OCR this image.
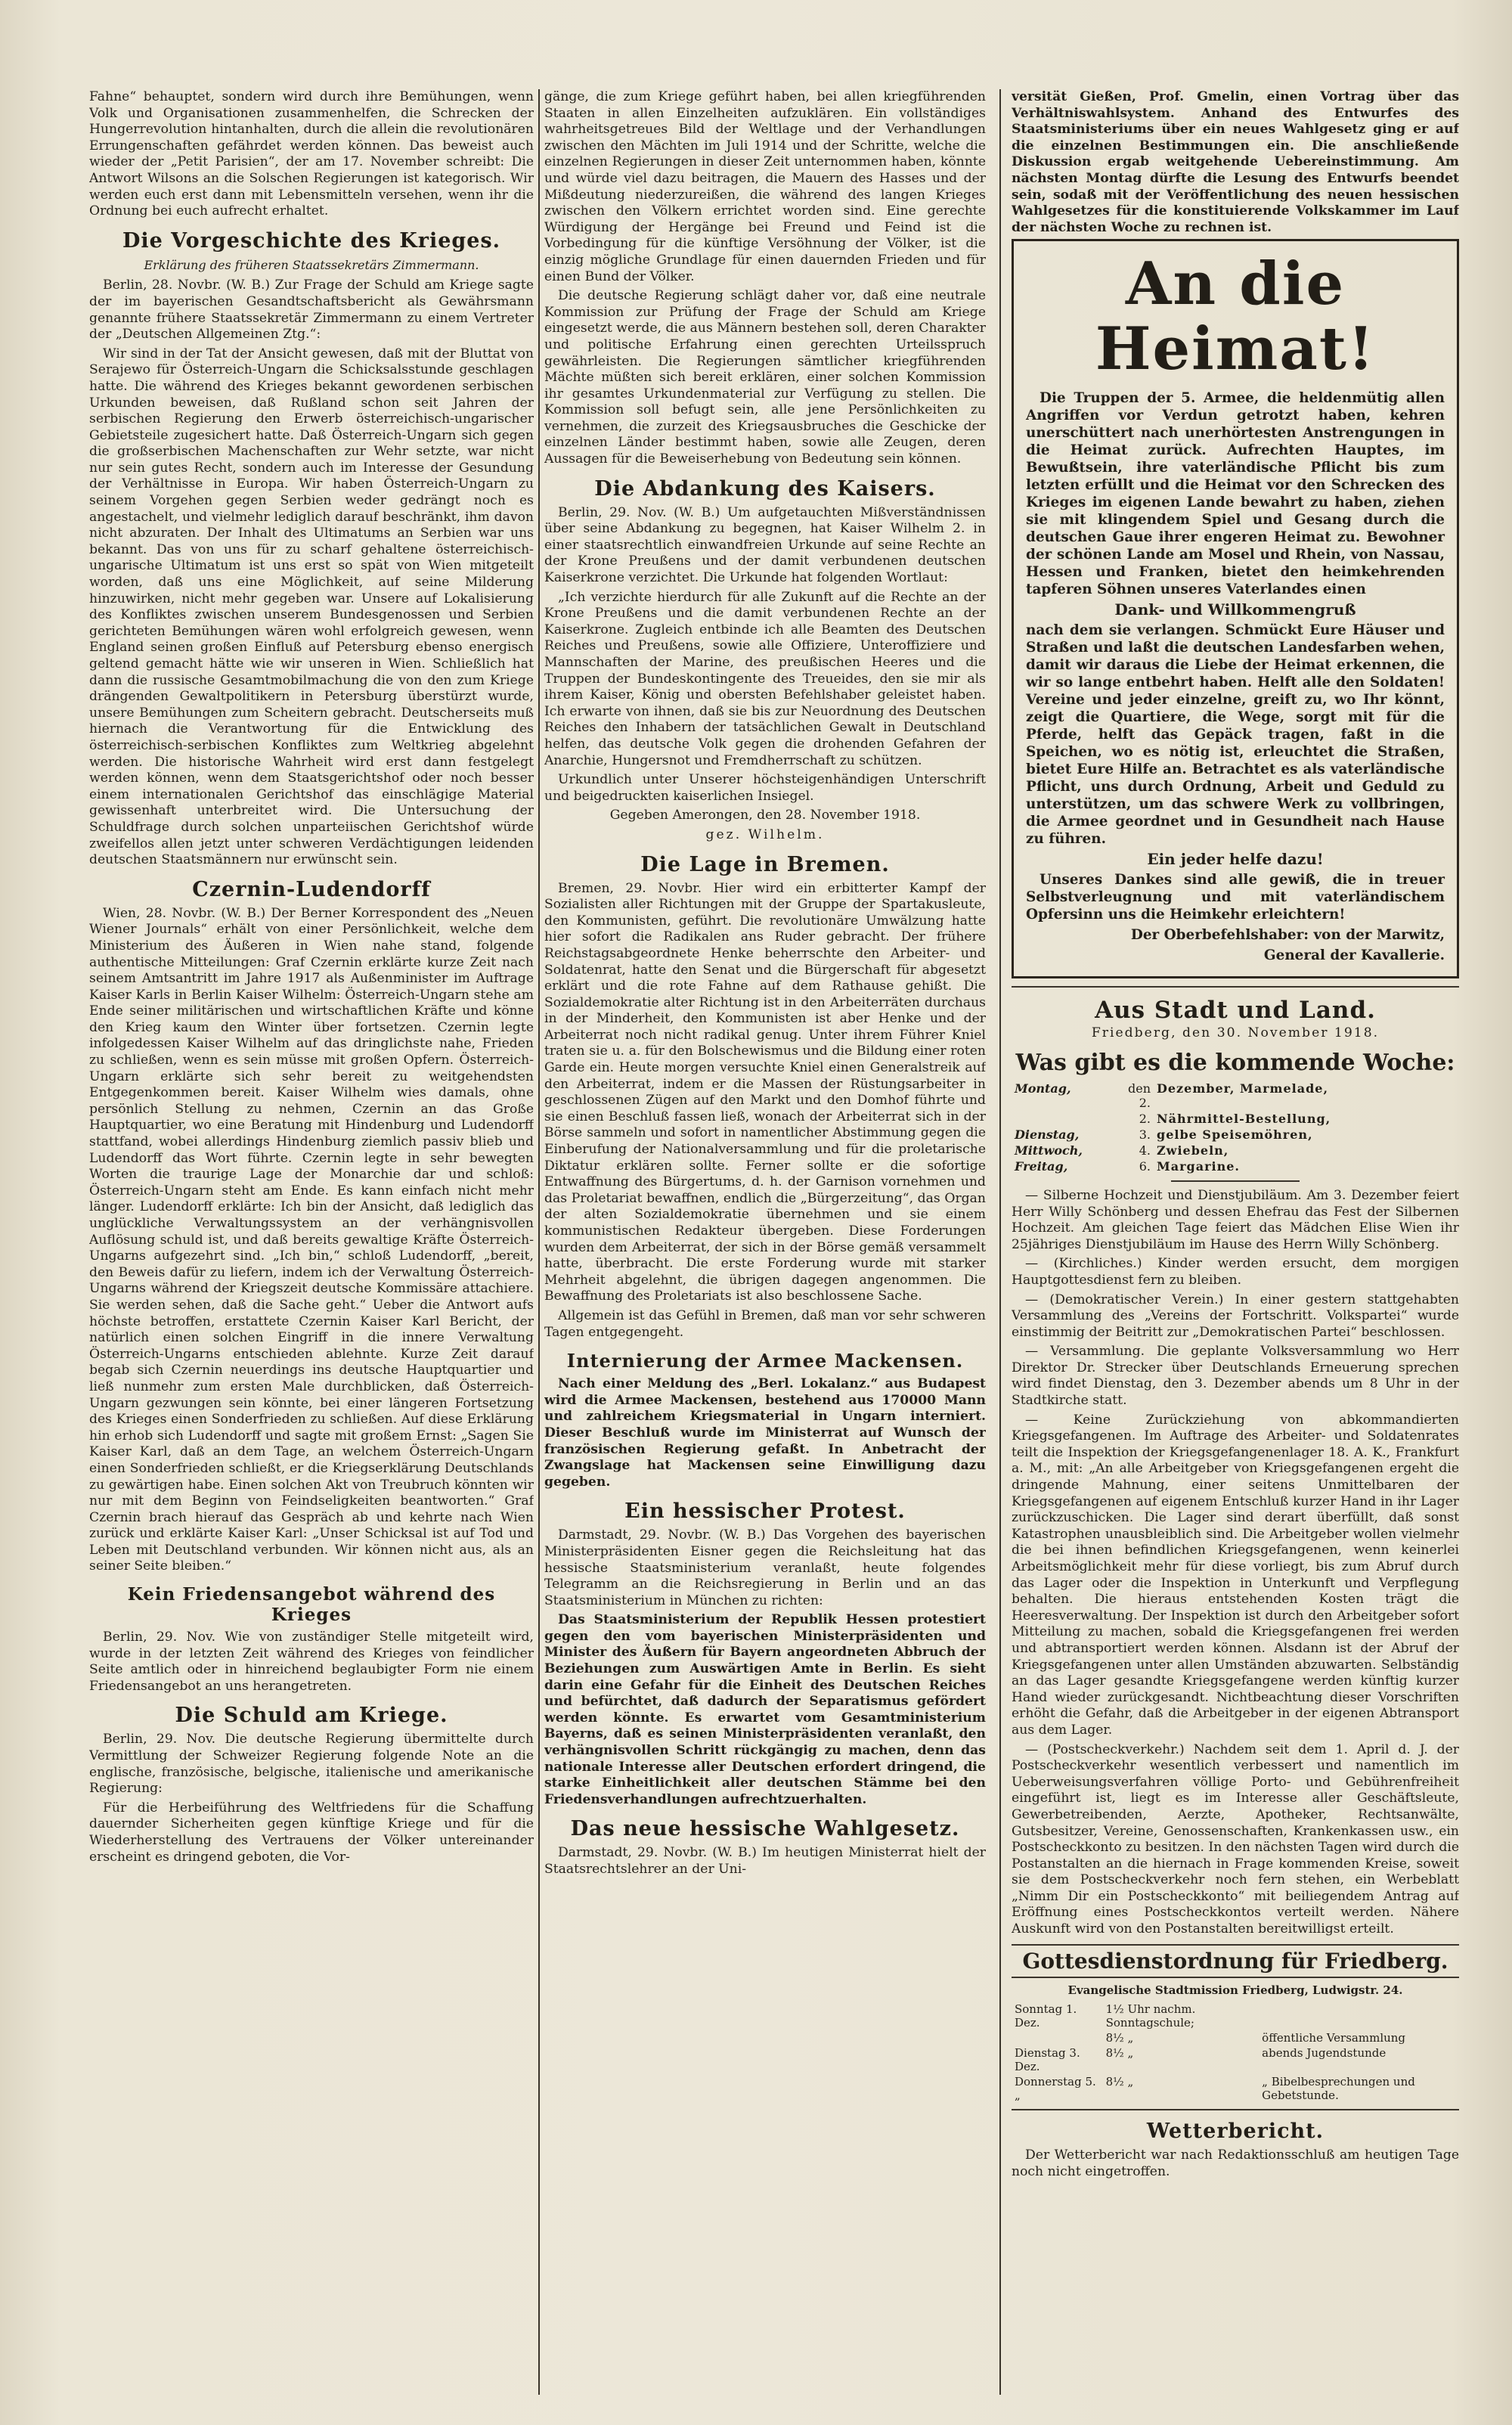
Fahne“ behauptet, sondern wird durch ihre Bemühungen, wenn Volk und Organisationen zusammenhelfen, die Schrecken der Hungerrevolution hintanhalten, durch die allein die revolutionären Errungenschaften gefährdet werden können. Das beweist auch wieder der „Petit Parisien“, der am 17. November schreibt: Die Antwort Wilsons an die Solschen Regierungen ist kategorisch. Wir werden euch erst dann mit Lebensmitteln versehen, wenn ihr die Ordnung bei euch aufrecht erhaltet.

Die Vorgeschichte des Krieges.

Erklärung des früheren Staatssekretärs Zimmermann.

Berlin, 28. Novbr. (W. B.) Zur Frage der Schuld am Kriege sagte der im bayerischen Gesandtschaftsbericht als Gewährsmann genannte frühere Staatssekretär Zimmermann zu einem Vertreter der „Deutschen Allgemeinen Ztg.“:

Wir sind in der Tat der Ansicht gewesen, daß mit der Bluttat von Serajewo für Österreich-Ungarn die Schicksalsstunde geschlagen hatte. Die während des Krieges bekannt gewordenen serbischen Urkunden beweisen, daß Rußland schon seit Jahren der serbischen Regierung den Erwerb österreichisch-ungarischer Gebietsteile zugesichert hatte. Daß Österreich-Ungarn sich gegen die großserbischen Machenschaften zur Wehr setzte, war nicht nur sein gutes Recht, sondern auch im Interesse der Gesundung der Verhältnisse in Europa. Wir haben Österreich-Ungarn zu seinem Vorgehen gegen Serbien weder gedrängt noch es angestachelt, und vielmehr lediglich darauf beschränkt, ihm davon nicht abzuraten. Der Inhalt des Ultimatums an Serbien war uns bekannt. Das von uns für zu scharf gehaltene österreichisch-ungarische Ultimatum ist uns erst so spät von Wien mitgeteilt worden, daß uns eine Möglichkeit, auf seine Milderung hinzuwirken, nicht mehr gegeben war. Unsere auf Lokalisierung des Konfliktes zwischen unserem Bundesgenossen und Serbien gerichteten Bemühungen wären wohl erfolgreich gewesen, wenn England seinen großen Einfluß auf Petersburg ebenso energisch geltend gemacht hätte wie wir unseren in Wien. Schließlich hat dann die russische Gesamtmobilmachung die von den zum Kriege drängenden Gewaltpolitikern in Petersburg überstürzt wurde, unsere Bemühungen zum Scheitern gebracht. Deutscherseits muß hiernach die Verantwortung für die Entwicklung des österreichisch-serbischen Konfliktes zum Weltkrieg abgelehnt werden. Die historische Wahrheit wird erst dann festgelegt werden können, wenn dem Staatsgerichtshof oder noch besser einem internationalen Gerichtshof das einschlägige Material gewissenhaft unterbreitet wird. Die Untersuchung der Schuldfrage durch solchen unparteiischen Gerichtshof würde zweifellos allen jetzt unter schweren Verdächtigungen leidenden deutschen Staatsmännern nur erwünscht sein.

Czernin-Ludendorff

Wien, 28. Novbr. (W. B.) Der Berner Korrespondent des „Neuen Wiener Journals“ erhält von einer Persönlichkeit, welche dem Ministerium des Äußeren in Wien nahe stand, folgende authentische Mitteilungen: Graf Czernin erklärte kurze Zeit nach seinem Amtsantritt im Jahre 1917 als Außenminister im Auftrage Kaiser Karls in Berlin Kaiser Wilhelm: Österreich-Ungarn stehe am Ende seiner militärischen und wirtschaftlichen Kräfte und könne den Krieg kaum den Winter über fortsetzen. Czernin legte infolgedessen Kaiser Wilhelm auf das dringlichste nahe, Frieden zu schließen, wenn es sein müsse mit großen Opfern. Österreich-Ungarn erklärte sich sehr bereit zu weitgehendsten Entgegenkommen bereit. Kaiser Wilhelm wies damals, ohne persönlich Stellung zu nehmen, Czernin an das Große Hauptquartier, wo eine Beratung mit Hindenburg und Ludendorff stattfand, wobei allerdings Hindenburg ziemlich passiv blieb und Ludendorff das Wort führte. Czernin legte in sehr bewegten Worten die traurige Lage der Monarchie dar und schloß: Österreich-Ungarn steht am Ende. Es kann einfach nicht mehr länger. Ludendorff erklärte: Ich bin der Ansicht, daß lediglich das unglückliche Verwaltungssystem an der verhängnisvollen Auflösung schuld ist, und daß bereits gewaltige Kräfte Österreich-Ungarns aufgezehrt sind. „Ich bin,“ schloß Ludendorff, „bereit, den Beweis dafür zu liefern, indem ich der Verwaltung Österreich-Ungarns während der Kriegszeit deutsche Kommissäre attachiere. Sie werden sehen, daß die Sache geht.“ Ueber die Antwort aufs höchste betroffen, erstattete Czernin Kaiser Karl Bericht, der natürlich einen solchen Eingriff in die innere Verwaltung Österreich-Ungarns entschieden ablehnte. Kurze Zeit darauf begab sich Czernin neuerdings ins deutsche Hauptquartier und ließ nunmehr zum ersten Male durchblicken, daß Österreich-Ungarn gezwungen sein könnte, bei einer längeren Fortsetzung des Krieges einen Sonderfrieden zu schließen. Auf diese Erklärung hin erhob sich Ludendorff und sagte mit großem Ernst: „Sagen Sie Kaiser Karl, daß an dem Tage, an welchem Österreich-Ungarn einen Sonderfrieden schließt, er die Kriegserklärung Deutschlands zu gewärtigen habe. Einen solchen Akt von Treubruch könnten wir nur mit dem Beginn von Feindseligkeiten beantworten.“ Graf Czernin brach hierauf das Gespräch ab und kehrte nach Wien zurück und erklärte Kaiser Karl: „Unser Schicksal ist auf Tod und Leben mit Deutschland verbunden. Wir können nicht aus, als an seiner Seite bleiben.“

Kein Friedensangebot während des Krieges

Berlin, 29. Nov. Wie von zuständiger Stelle mitgeteilt wird, wurde in der letzten Zeit während des Krieges von feindlicher Seite amtlich oder in hinreichend beglaubigter Form nie einem Friedensangebot an uns herangetreten.

Die Schuld am Kriege.

Berlin, 29. Nov. Die deutsche Regierung übermittelte durch Vermittlung der Schweizer Regierung folgende Note an die englische, französische, belgische, italienische und amerikanische Regierung:

Für die Herbeiführung des Weltfriedens für die Schaffung dauernder Sicherheiten gegen künftige Kriege und für die Wiederherstellung des Vertrauens der Völker untereinander erscheint es dringend geboten, die Vor-

gänge, die zum Kriege geführt haben, bei allen kriegführenden Staaten in allen Einzelheiten aufzuklären. Ein vollständiges wahrheitsgetreues Bild der Weltlage und der Verhandlungen zwischen den Mächten im Juli 1914 und der Schritte, welche die einzelnen Regierungen in dieser Zeit unternommen haben, könnte und würde viel dazu beitragen, die Mauern des Hasses und der Mißdeutung niederzureißen, die während des langen Krieges zwischen den Völkern errichtet worden sind. Eine gerechte Würdigung der Hergänge bei Freund und Feind ist die Vorbedingung für die künftige Versöhnung der Völker, ist die einzig mögliche Grundlage für einen dauernden Frieden und für einen Bund der Völker.

Die deutsche Regierung schlägt daher vor, daß eine neutrale Kommission zur Prüfung der Frage der Schuld am Kriege eingesetzt werde, die aus Männern bestehen soll, deren Charakter und politische Erfahrung einen gerechten Urteilsspruch gewährleisten. Die Regierungen sämtlicher kriegführenden Mächte müßten sich bereit erklären, einer solchen Kommission ihr gesamtes Urkundenmaterial zur Verfügung zu stellen. Die Kommission soll befugt sein, alle jene Persönlichkeiten zu vernehmen, die zurzeit des Kriegsausbruches die Geschicke der einzelnen Länder bestimmt haben, sowie alle Zeugen, deren Aussagen für die Beweiserhebung von Bedeutung sein können.

Die Abdankung des Kaisers.

Berlin, 29. Nov. (W. B.) Um aufgetauchten Mißverständnissen über seine Abdankung zu begegnen, hat Kaiser Wilhelm 2. in einer staatsrechtlich einwandfreien Urkunde auf seine Rechte an der Krone Preußens und der damit verbundenen deutschen Kaiserkrone verzichtet. Die Urkunde hat folgenden Wortlaut:

„Ich verzichte hierdurch für alle Zukunft auf die Rechte an der Krone Preußens und die damit verbundenen Rechte an der Kaiserkrone. Zugleich entbinde ich alle Beamten des Deutschen Reiches und Preußens, sowie alle Offiziere, Unteroffiziere und Mannschaften der Marine, des preußischen Heeres und die Truppen der Bundeskontingente des Treueides, den sie mir als ihrem Kaiser, König und obersten Befehlshaber geleistet haben. Ich erwarte von ihnen, daß sie bis zur Neuordnung des Deutschen Reiches den Inhabern der tatsächlichen Gewalt in Deutschland helfen, das deutsche Volk gegen die drohenden Gefahren der Anarchie, Hungersnot und Fremdherrschaft zu schützen.

Urkundlich unter Unserer höchsteigenhändigen Unterschrift und beigedruckten kaiserlichen Insiegel.

Gegeben Amerongen, den 28. November 1918.

gez. Wilhelm.

Die Lage in Bremen.

Bremen, 29. Novbr. Hier wird ein erbitterter Kampf der Sozialisten aller Richtungen mit der Gruppe der Spartakusleute, den Kommunisten, geführt. Die revolutionäre Umwälzung hatte hier sofort die Radikalen ans Ruder gebracht. Der frühere Reichstagsabgeordnete Henke beherrschte den Arbeiter- und Soldatenrat, hatte den Senat und die Bürgerschaft für abgesetzt erklärt und die rote Fahne auf dem Rathause gehißt. Die Sozialdemokratie alter Richtung ist in den Arbeiterräten durchaus in der Minderheit, den Kommunisten ist aber Henke und der Arbeiterrat noch nicht radikal genug. Unter ihrem Führer Kniel traten sie u. a. für den Bolschewismus und die Bildung einer roten Garde ein. Heute morgen versuchte Kniel einen Generalstreik auf den Arbeiterrat, indem er die Massen der Rüstungsarbeiter in geschlossenen Zügen auf den Markt und den Domhof führte und sie einen Beschluß fassen ließ, wonach der Arbeiterrat sich in der Börse sammeln und sofort in namentlicher Abstimmung gegen die Einberufung der Nationalversammlung und für die proletarische Diktatur erklären sollte. Ferner sollte er die sofortige Entwaffnung des Bürgertums, d. h. der Garnison vornehmen und das Proletariat bewaffnen, endlich die „Bürgerzeitung“, das Organ der alten Sozialdemokratie übernehmen und sie einem kommunistischen Redakteur übergeben. Diese Forderungen wurden dem Arbeiterrat, der sich in der Börse gemäß versammelt hatte, überbracht. Die erste Forderung wurde mit starker Mehrheit abgelehnt, die übrigen dagegen angenommen. Die Bewaffnung des Proletariats ist also beschlossene Sache.

Allgemein ist das Gefühl in Bremen, daß man vor sehr schweren Tagen entgegengeht.

Internierung der Armee Mackensen.

Nach einer Meldung des „Berl. Lokalanz.“ aus Budapest wird die Armee Mackensen, bestehend aus 170000 Mann und zahlreichem Kriegsmaterial in Ungarn interniert. Dieser Beschluß wurde im Ministerrat auf Wunsch der französischen Regierung gefaßt. In Anbetracht der Zwangslage hat Mackensen seine Einwilligung dazu gegeben.

Ein hessischer Protest.

Darmstadt, 29. Novbr. (W. B.) Das Vorgehen des bayerischen Ministerpräsidenten Eisner gegen die Reichsleitung hat das hessische Staatsministerium veranlaßt, heute folgendes Telegramm an die Reichsregierung in Berlin und an das Staatsministerium in München zu richten:

Das Staatsministerium der Republik Hessen protestiert gegen den vom bayerischen Ministerpräsidenten und Minister des Äußern für Bayern angeordneten Abbruch der Beziehungen zum Auswärtigen Amte in Berlin. Es sieht darin eine Gefahr für die Einheit des Deutschen Reiches und befürchtet, daß dadurch der Separatismus gefördert werden könnte. Es erwartet vom Gesamtministerium Bayerns, daß es seinen Ministerpräsidenten veranlaßt, den verhängnisvollen Schritt rückgängig zu machen, denn das nationale Interesse aller Deutschen erfordert dringend, die starke Einheitlichkeit aller deutschen Stämme bei den Friedensverhandlungen aufrechtzuerhalten.

Das neue hessische Wahlgesetz.

Darmstadt, 29. Novbr. (W. B.) Im heutigen Ministerrat hielt der Staatsrechtslehrer an der Uni-

versität Gießen, Prof. Gmelin, einen Vortrag über das Verhältniswahlsystem. Anhand des Entwurfes des Staatsministeriums über ein neues Wahlgesetz ging er auf die einzelnen Bestimmungen ein. Die anschließende Diskussion ergab weitgehende Uebereinstimmung. Am nächsten Montag dürfte die Lesung des Entwurfs beendet sein, sodaß mit der Veröffentlichung des neuen hessischen Wahlgesetzes für die konstituierende Volkskammer im Lauf der nächsten Woche zu rechnen ist.

An die Heimat!

Die Truppen der 5. Armee, die heldenmütig allen Angriffen vor Verdun getrotzt haben, kehren unerschüttert nach unerhörtesten Anstrengungen in die Heimat zurück. Aufrechten Hauptes, im Bewußtsein, ihre vaterländische Pflicht bis zum letzten erfüllt und die Heimat vor den Schrecken des Krieges im eigenen Lande bewahrt zu haben, ziehen sie mit klingendem Spiel und Gesang durch die deutschen Gaue ihrer engeren Heimat zu. Bewohner der schönen Lande am Mosel und Rhein, von Nassau, Hessen und Franken, bietet den heimkehrenden tapferen Söhnen unseres Vaterlandes einen

Dank- und Willkommengruß

nach dem sie verlangen. Schmückt Eure Häuser und Straßen und laßt die deutschen Landesfarben wehen, damit wir daraus die Liebe der Heimat erkennen, die wir so lange entbehrt haben. Helft alle den Soldaten! Vereine und jeder einzelne, greift zu, wo Ihr könnt, zeigt die Quartiere, die Wege, sorgt mit für die Pferde, helft das Gepäck tragen, faßt in die Speichen, wo es nötig ist, erleuchtet die Straßen, bietet Eure Hilfe an. Betrachtet es als vaterländische Pflicht, uns durch Ordnung, Arbeit und Geduld zu unterstützen, um das schwere Werk zu vollbringen, die Armee geordnet und in Gesundheit nach Hause zu führen.

Ein jeder helfe dazu!

Unseres Dankes sind alle gewiß, die in treuer Selbstverleugnung und mit vaterländischem Opfersinn uns die Heimkehr erleichtern!

Der Oberbefehlshaber: von der Marwitz,

General der Kavallerie.

Aus Stadt und Land.

Friedberg, den 30. November 1918.

Was gibt es die kommende Woche:
Montag,	den 2.	Dezember, Marmelade,
	2.	Nährmittel-Bestellung,
Dienstag,	3.	gelbe Speisemöhren,
Mittwoch,	4.	Zwiebeln,
Freitag,	6.	Margarine.

— Silberne Hochzeit und Dienstjubiläum. Am 3. Dezember feiert Herr Willy Schönberg und dessen Ehefrau das Fest der Silbernen Hochzeit. Am gleichen Tage feiert das Mädchen Elise Wien ihr 25jähriges Dienstjubiläum im Hause des Herrn Willy Schönberg.

— (Kirchliches.) Kinder werden ersucht, dem morgigen Hauptgottesdienst fern zu bleiben.

— (Demokratischer Verein.) In einer gestern stattgehabten Versammlung des „Vereins der Fortschritt. Volkspartei“ wurde einstimmig der Beitritt zur „Demokratischen Partei“ beschlossen.

— Versammlung. Die geplante Volksversammlung wo Herr Direktor Dr. Strecker über Deutschlands Erneuerung sprechen wird findet Dienstag, den 3. Dezember abends um 8 Uhr in der Stadtkirche statt.

— Keine Zurückziehung von abkommandierten Kriegsgefangenen. Im Auftrage des Arbeiter- und Soldatenrates teilt die Inspektion der Kriegsgefangenenlager 18. A. K., Frankfurt a. M., mit: „An alle Arbeitgeber von Kriegsgefangenen ergeht die dringende Mahnung, einer seitens Unmittelbaren der Kriegsgefangenen auf eigenem Entschluß kurzer Hand in ihr Lager zurückzuschicken. Die Lager sind derart überfüllt, daß sonst Katastrophen unausbleiblich sind. Die Arbeitgeber wollen vielmehr die bei ihnen befindlichen Kriegsgefangenen, wenn keinerlei Arbeitsmöglichkeit mehr für diese vorliegt, bis zum Abruf durch das Lager oder die Inspektion in Unterkunft und Verpflegung behalten. Die hieraus entstehenden Kosten trägt die Heeresverwaltung. Der Inspektion ist durch den Arbeitgeber sofort Mitteilung zu machen, sobald die Kriegsgefangenen frei werden und abtransportiert werden können. Alsdann ist der Abruf der Kriegsgefangenen unter allen Umständen abzuwarten. Selbständig an das Lager gesandte Kriegsgefangene werden künftig kurzer Hand wieder zurückgesandt. Nichtbeachtung dieser Vorschriften erhöht die Gefahr, daß die Arbeitgeber in der eigenen Abtransport aus dem Lager.

— (Postscheckverkehr.) Nachdem seit dem 1. April d. J. der Postscheckverkehr wesentlich verbessert und namentlich im Ueberweisungsverfahren völlige Porto- und Gebührenfreiheit eingeführt ist, liegt es im Interesse aller Geschäftsleute, Gewerbetreibenden, Aerzte, Apotheker, Rechtsanwälte, Gutsbesitzer, Vereine, Genossenschaften, Krankenkassen usw., ein Postscheckkonto zu besitzen. In den nächsten Tagen wird durch die Postanstalten an die hiernach in Frage kommenden Kreise, soweit sie dem Postscheckverkehr noch fern stehen, ein Werbeblatt „Nimm Dir ein Postscheckkonto“ mit beiliegendem Antrag auf Eröffnung eines Postscheckkontos verteilt werden. Nähere Auskunft wird von den Postanstalten bereitwilligst erteilt.

Gottesdienstordnung für Friedberg.

Evangelische Stadtmission Friedberg, Ludwigstr. 24.

Sonntag 1. Dez.	1½ Uhr nachm. Sonntagschule;	
	8½ „	öffentliche Versammlung
Dienstag 3. Dez.	8½ „	abends Jugendstunde
Donnerstag 5. „	8½ „	„ Bibelbesprechungen und Gebetstunde.
Wetterbericht.

Der Wetterbericht war nach Redaktionsschluß am heutigen Tage noch nicht eingetroffen.
